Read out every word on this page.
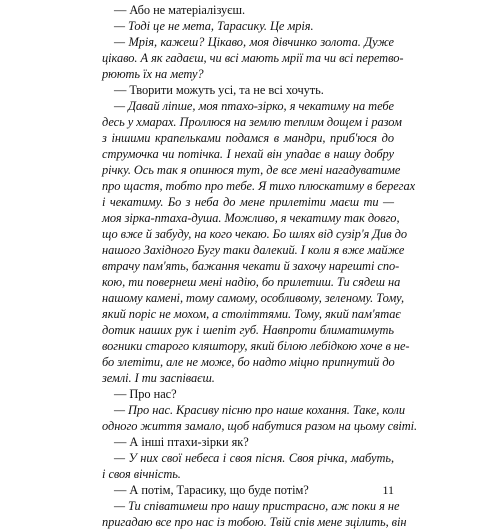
— Або не матеріалізуєш.
— Тоді це не мета, Тарасику. Це мрія.
— Мрія, кажеш? Цікаво, моя дівчинко золота. Дуже
цікаво. А як гадаєш, чи всі мають мрії та чи всі перетво-
рюють їх на мету?
— Творити можуть усі, та не всі хочуть.
— Давай ліпше, моя птахо-зірко, я чекатиму на тебе
десь у хмарах. Проллюся на землю теплим дощем і разом
з іншими крапельками подамся в мандри, приб'юся до
струмочка чи потічка. І нехай він упадає в нашу добру
річку. Ось так я опинюся тут, де все мені нагадуватиме
про щастя, тобто про тебе. Я тихо плюскатиму в берегах
і чекатиму. Бо з неба до мене прилетіти маєш ти —
моя зірка-птаха-душа. Можливо, я чекатиму так довго,
що вже й забуду, на кого чекаю. Бо шлях від сузір'я Див до
нашого Західного Бугу таки далекий. І коли я вже майже
втрачу пам'ять, бажання чекати й захочу нарешті спо-
кою, ти повернеш мені надію, бо прилетиш. Ти сядеш на
нашому камені, тому самому, особливому, зеленому. Тому,
який поріс не мохом, а століттями. Тому, який пам'ятає
дотик наших рук і шепіт губ. Навпроти блиматимуть
вогники старого кляштору, який білою лебідкою хоче в не-
бо злетіти, але не може, бо надто міцно припнутий до
землі. І ти заспіваєш.
— Про нас?
— Про нас. Красиву пісню про наше кохання. Таке, коли
одного життя замало, щоб набутися разом на цьому світі.
— А інші птахи-зірки як?
— У них свої небеса і своя пісня. Своя річка, мабуть,
і своя вічність.
— А потім, Тарасику, що буде потім?
— Ти співатимеш про нашу пристрасно, аж поки я не
пригадаю все про нас із тобою. Твій спів мене зцілить, він
11
